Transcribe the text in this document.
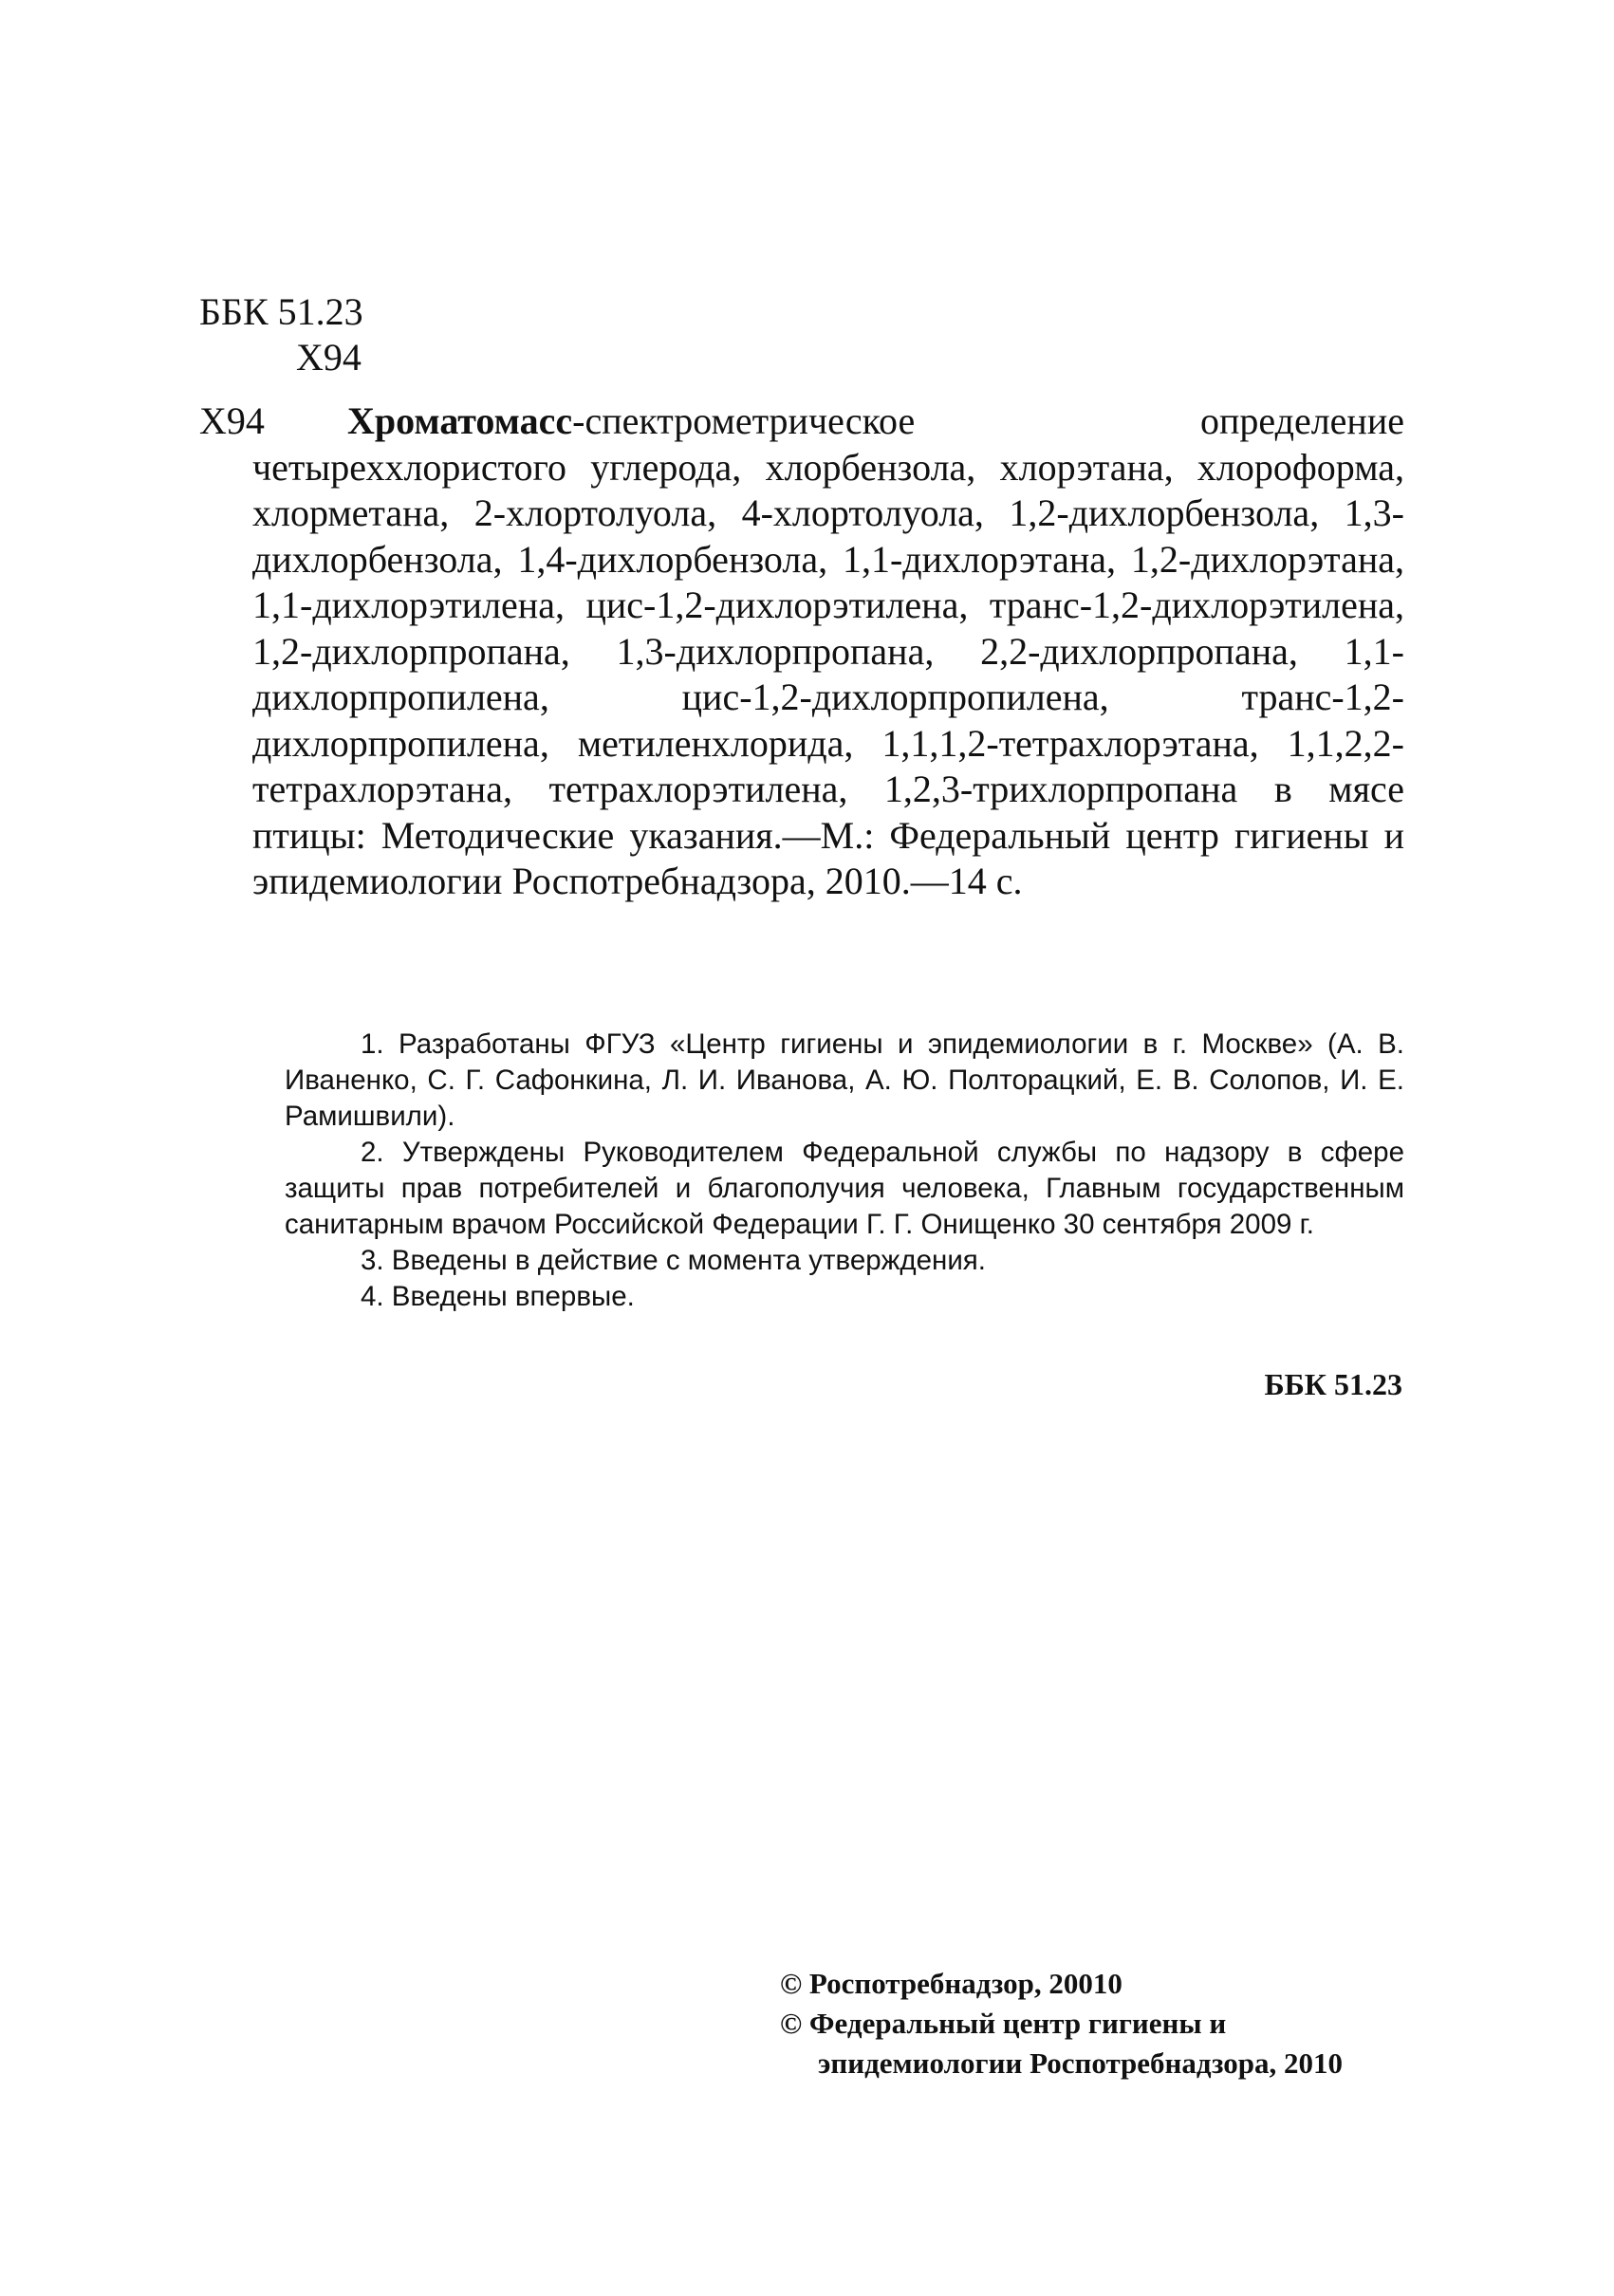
ББК 51.23
Х94
Х94	Хроматомасс-спектрометрическое определение четыреххлористого углерода, хлорбензола, хлорэтана, хлороформа, хлорметана, 2-хлортолуола, 4-хлортолуола, 1,2-дихлорбензола, 1,3-дихлорбензола, 1,4-дихлорбензола, 1,1-дихлорэтана, 1,2-дихлорэтана, 1,1-дихлорэтилена, цис-1,2-дихлорэтилена, транс-1,2-дихлорэтилена, 1,2-дихлорпропана, 1,3-дихлорпропана, 2,2-дихлорпропана, 1,1-дихлорпропилена, цис-1,2-дихлорпропилена, транс-1,2-дихлорпропилена, метиленхлорида, 1,1,1,2-тетрахлорэтана, 1,1,2,2-тетрахлорэтана, тетрахлорэтилена, 1,2,3-трихлорпропана в мясе птицы: Методические указания.—М.: Федеральный центр гигиены и эпидемиологии Роспотребнадзора, 2010.—14 с.

1. Разработаны ФГУЗ «Центр гигиены и эпидемиологии в г. Москве» (А. В. Иваненко, С. Г. Сафонкина, Л. И. Иванова, А. Ю. Полторацкий, Е. В. Солопов, И. Е. Рамишвили).

2. Утверждены Руководителем Федеральной службы по надзору в сфере защиты прав потребителей и благополучия человека, Главным государственным санитарным врачом Российской Федерации Г. Г. Онищенко 30 сентября 2009 г.

3. Введены в действие с момента утверждения.

4. Введены впервые.

ББК 51.23
© Роспотребнадзор, 20010
© Федеральный центр гигиены и
эпидемиологии Роспотребнадзора, 2010
